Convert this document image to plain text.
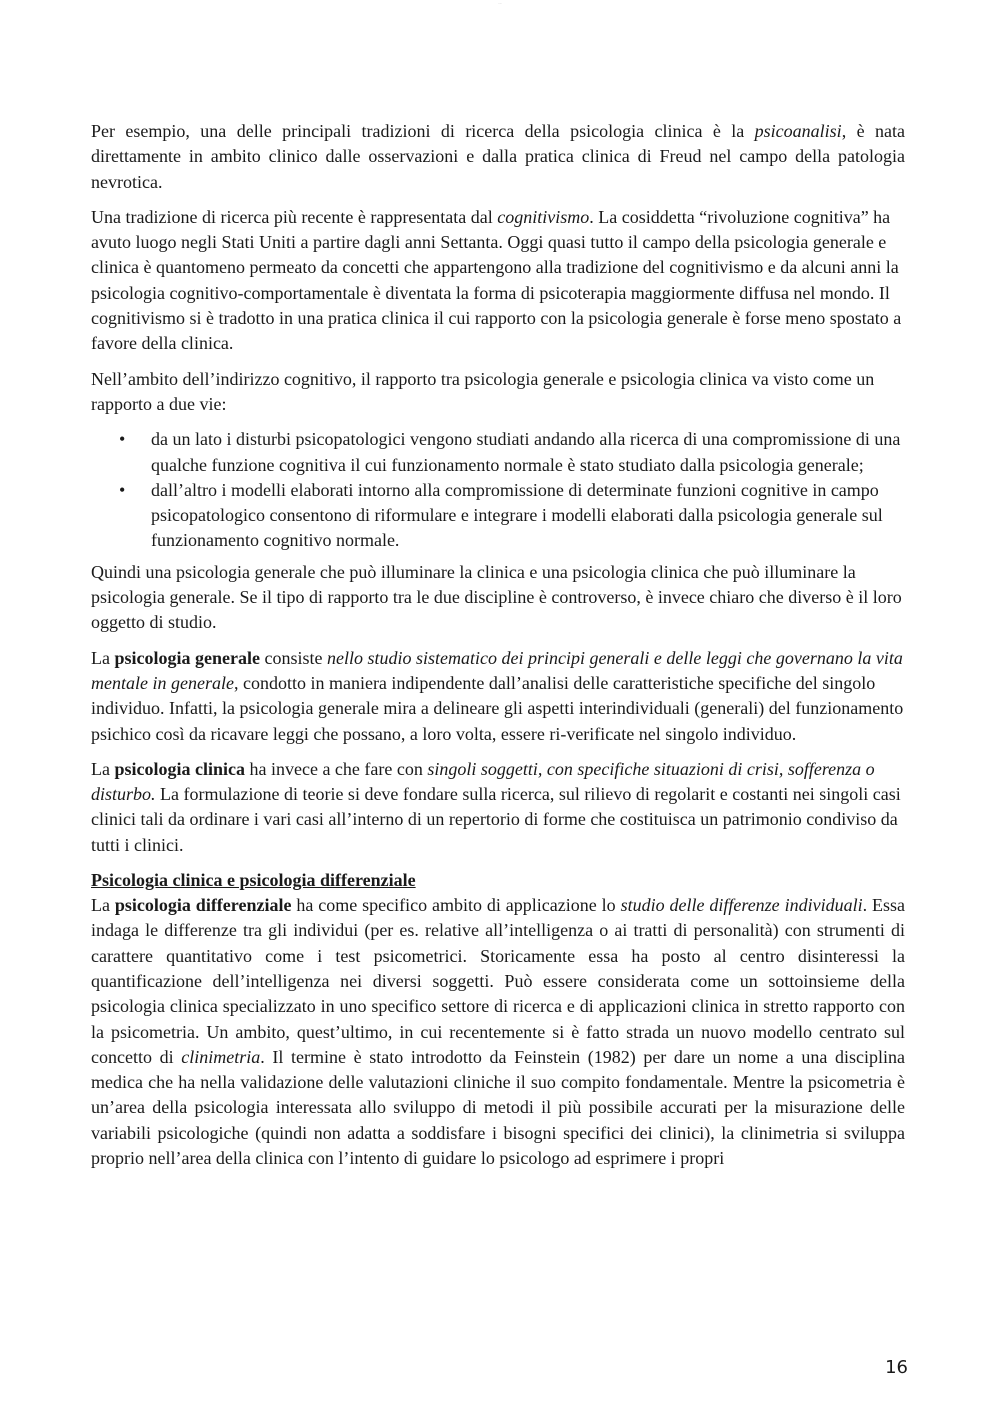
...

Per esempio, una delle principali tradizioni di ricerca della psicologia clinica è la psicoanalisi, è nata direttamente in ambito clinico dalle osservazioni e dalla pratica clinica di Freud nel campo della patologia nevrotica.

Una tradizione di ricerca più recente è rappresentata dal cognitivismo. La cosiddetta “rivoluzione cognitiva” ha avuto luogo negli Stati Uniti a partire dagli anni Settanta. Oggi quasi tutto il campo della psicologia generale e clinica è quantomeno permeato da concetti che appartengono alla tradizione del cognitivismo e da alcuni anni la psicologia cognitivo-comportamentale è diventata la forma di psicoterapia maggiormente diffusa nel mondo. Il cognitivismo si è tradotto in una pratica clinica il cui rapporto con la psicologia generale è forse meno spostato a favore della clinica.

Nell’ambito dell’indirizzo cognitivo, il rapporto tra psicologia generale e psicologia clinica va visto come un rapporto a due vie:

• da un lato i disturbi psicopatologici vengono studiati andando alla ricerca di una compromissione di una qualche funzione cognitiva il cui funzionamento normale è stato studiato dalla psicologia generale;
• dall’altro i modelli elaborati intorno alla compromissione di determinate funzioni cognitive in campo psicopatologico consentono di riformulare e integrare i modelli elaborati dalla psicologia generale sul funzionamento cognitivo normale.

Quindi una psicologia generale che può illuminare la clinica e una psicologia clinica che può illuminare la psicologia generale. Se il tipo di rapporto tra le due discipline è controverso, è invece chiaro che diverso è il loro oggetto di studio.

La psicologia generale consiste nello studio sistematico dei principi generali e delle leggi che governano la vita mentale in generale, condotto in maniera indipendente dall’analisi delle caratteristiche specifiche del singolo individuo. Infatti, la psicologia generale mira a delineare gli aspetti interindividuali (generali) del funzionamento psichico così da ricavare leggi che possano, a loro volta, essere ri-verificate nel singolo individuo.

La psicologia clinica ha invece a che fare con singoli soggetti, con specifiche situazioni di crisi, sofferenza o disturbo. La formulazione di teorie si deve fondare sulla ricerca, sul rilievo di regolarit e costanti nei singoli casi clinici tali da ordinare i vari casi all’interno di un repertorio di forme che costituisca un patrimonio condiviso da tutti i clinici.

Psicologia clinica e psicologia differenziale

La psicologia differenziale ha come specifico ambito di applicazione lo studio delle differenze individuali. Essa indaga le differenze tra gli individui (per es. relative all’intelligenza o ai tratti di personalità) con strumenti di carattere quantitativo come i test psicometrici. Storicamente essa ha posto al centro disinteressi la quantificazione dell’intelligenza nei diversi soggetti. Può essere considerata come un sottoinsieme della psicologia clinica specializzato in uno specifico settore di ricerca e di applicazioni clinica in stretto rapporto con la psicometria. Un ambito, quest’ultimo, in cui recentemente si è fatto strada un nuovo modello centrato sul concetto di clinimetria. Il termine è stato introdotto da Feinstein (1982) per dare un nome a una disciplina medica che ha nella validazione delle valutazioni cliniche il suo compito fondamentale. Mentre la psicometria è un’area della psicologia interessata allo sviluppo di metodi il più possibile accurati per la misurazione delle variabili psicologiche (quindi non adatta a soddisfare i bisogni specifici dei clinici), la clinimetria si sviluppa proprio nell’area della clinica con l’intento di guidare lo psicologo ad esprimere i propri

16
